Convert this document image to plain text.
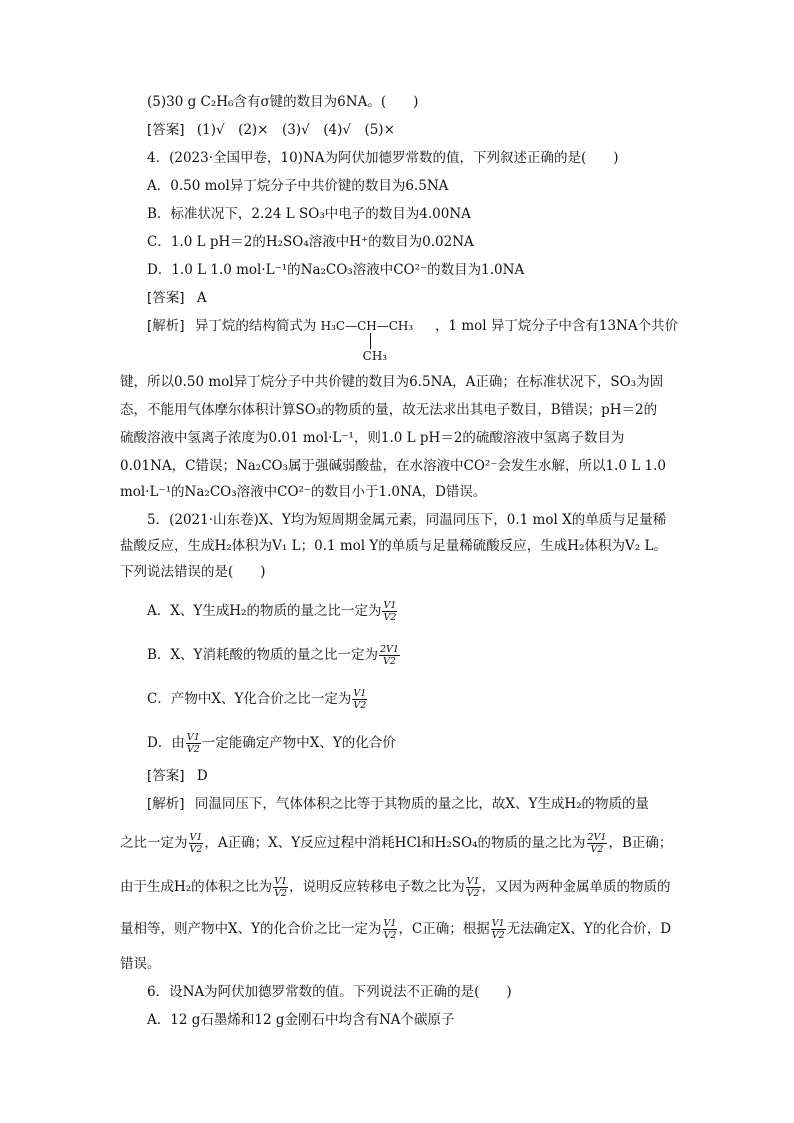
(5)30 g C₂H₆含有σ键的数目为6NA。(　　)
[答案] (1)√　(2)×　(3)√　(4)√　(5)×
4．(2023·全国甲卷，10)NA为阿伏加德罗常数的值，下列叙述正确的是(　　)
A．0.50 mol异丁烷分子中共价键的数目为6.5NA
B．标准状况下，2.24 L SO₃中电子的数目为4.00NA
C．1.0 L pH＝2的H₂SO₄溶液中H⁺的数目为0.02NA
D．1.0 L 1.0 mol·L⁻¹的Na₂CO₃溶液中CO²⁻的数目为1.0NA
[答案] A
[解析] 异丁烷的结构简式为 H₃C—CH—CH₃
CH₃
，1 mol 异丁烷分子中含有13NA个共价
键，所以0.50 mol异丁烷分子中共价键的数目为6.5NA，A正确；在标准状况下，SO₃为固
态，不能用气体摩尔体积计算SO₃的物质的量，故无法求出其电子数目，B错误；pH＝2的
硫酸溶液中氢离子浓度为0.01 mol·L⁻¹，则1.0 L pH＝2的硫酸溶液中氢离子数目为
0.01NA，C错误；Na₂CO₃属于强碱弱酸盐，在水溶液中CO²⁻会发生水解，所以1.0 L 1.0
mol·L⁻¹的Na₂CO₃溶液中CO²⁻的数目小于1.0NA，D错误。
5．(2021·山东卷)X、Y均为短周期金属元素，同温同压下，0.1 mol X的单质与足量稀
盐酸反应，生成H₂体积为V₁ L；0.1 mol Y的单质与足量稀硫酸反应，生成H₂体积为V₂ L。
下列说法错误的是(　　)
A．X、Y生成H₂的物质的量之比一定为 $\frac{V1}{V2}$
B．X、Y消耗酸的物质的量之比一定为 $\frac{2V1}{V2}$
C．产物中X、Y化合价之比一定为 $\frac{V1}{V2}$
D．由 $\frac{V1}{V2}$ 一定能确定产物中X、Y的化合价
[答案] D
[解析] 同温同压下，气体体积之比等于其物质的量之比，故X、Y生成H₂的物质的量
之比一定为 $\frac{V1}{V2}$ ，A正确；X、Y反应过程中消耗HCl和H₂SO₄的物质的量之比为 $\frac{2V1}{V2}$ ，B正确；
由于生成H₂的体积之比为 $\frac{V1}{V2}$ ，说明反应转移电子数之比为 $\frac{V1}{V2}$ ，又因为两种金属单质的物质的
量相等，则产物中X、Y的化合价之比一定为 $\frac{V1}{V2}$ ，C正确；根据 $\frac{V1}{V2}$ 无法确定X、Y的化合价，D
错误。
6．设NA为阿伏加德罗常数的值。下列说法不正确的是(　　)
A．12 g石墨烯和12 g金刚石中均含有NA个碳原子
